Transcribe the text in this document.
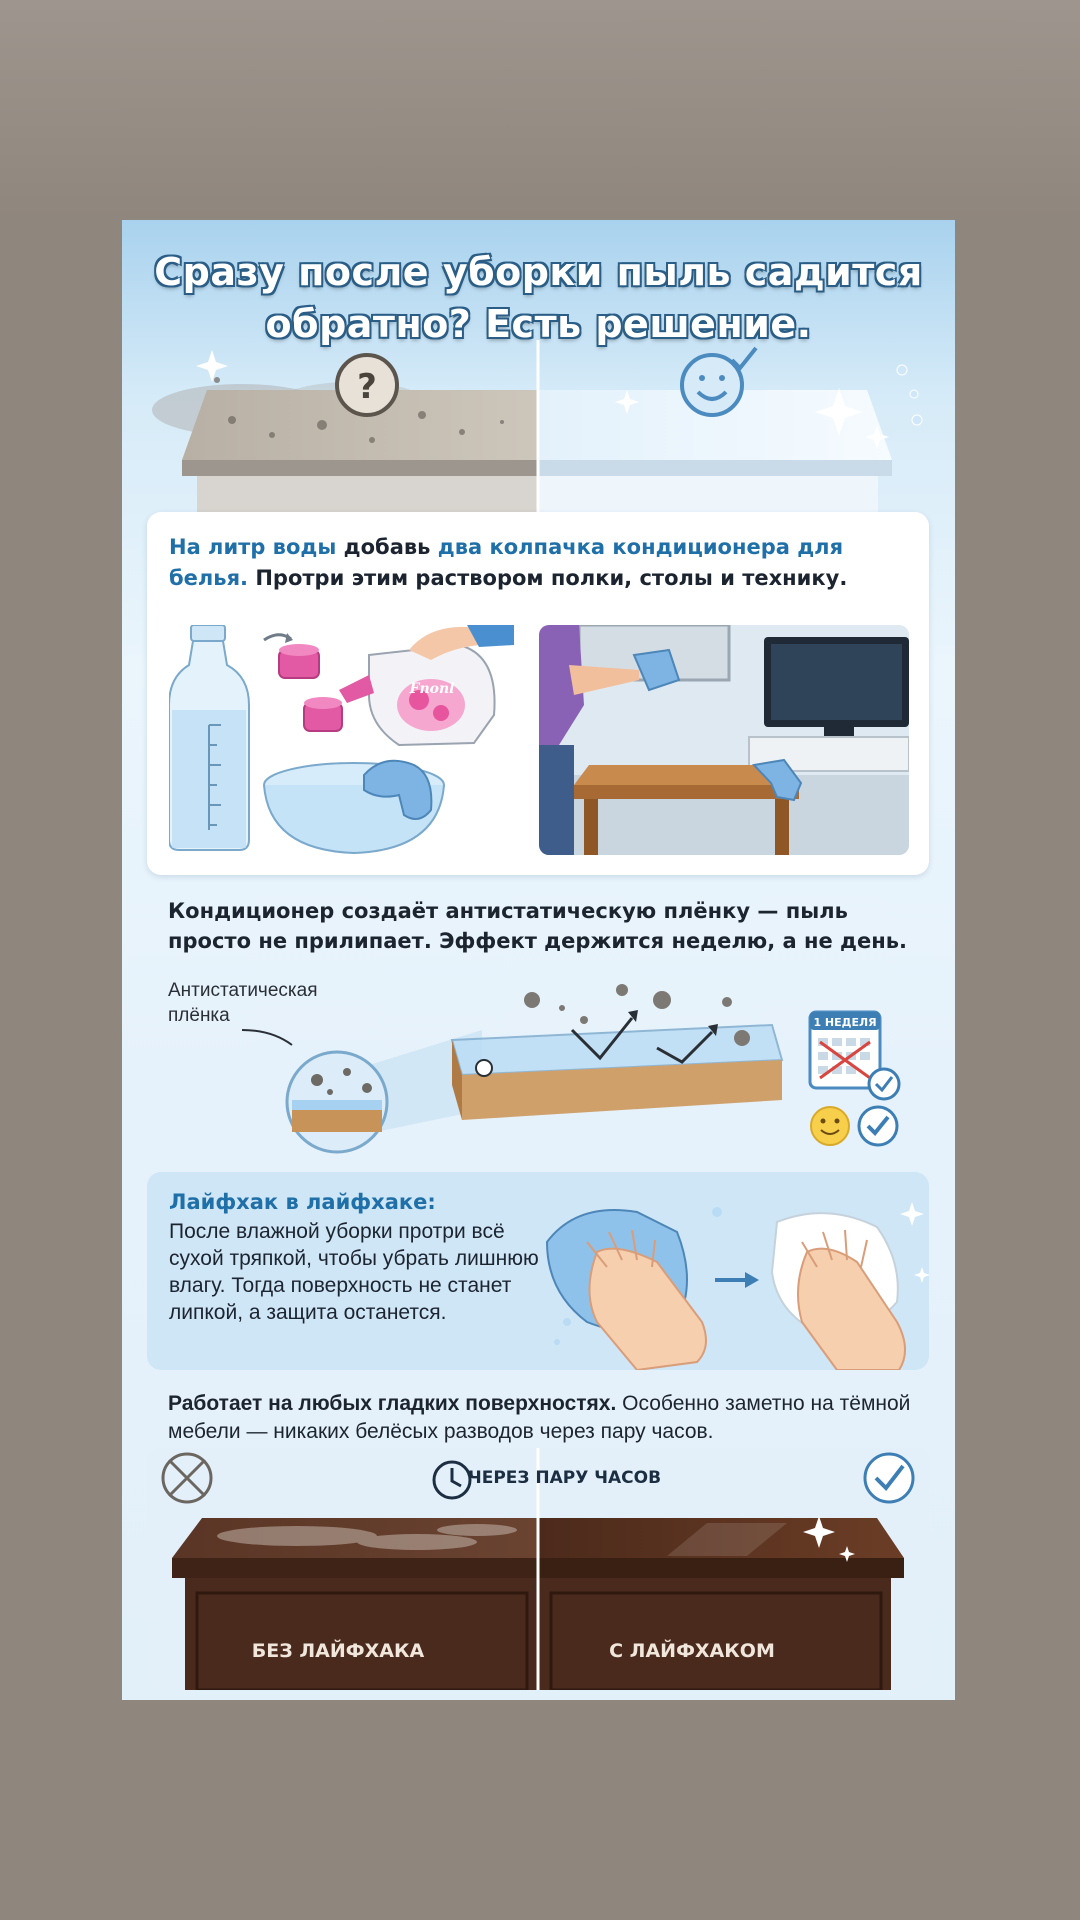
Сразу после уборки пыль садится
обратно? Есть решение.
?
На литр воды добавь два колпачка кондиционера для белья. Протри этим раствором полки, столы и технику.
Fnonl
Кондиционер создаёт антистатическую плёнку — пыль
просто не прилипает. Эффект держится неделю, а не день.
Антистатическая
плёнка	1 НЕДЕЛЯ
Лайфхак в лайфхаке:
После влажной уборки протри всё сухой тряпкой, чтобы убрать лишнюю влагу. Тогда поверхность не станет липкой, а защита останется.
Работает на любых гладких поверхностях. Особенно заметно на тёмной мебели — никаких белёсых разводов через пару часов.
ЧЕРЕЗ ПАРУ ЧАСОВ
БЕЗ ЛАЙФХАКА	С ЛАЙФХАКОМ
